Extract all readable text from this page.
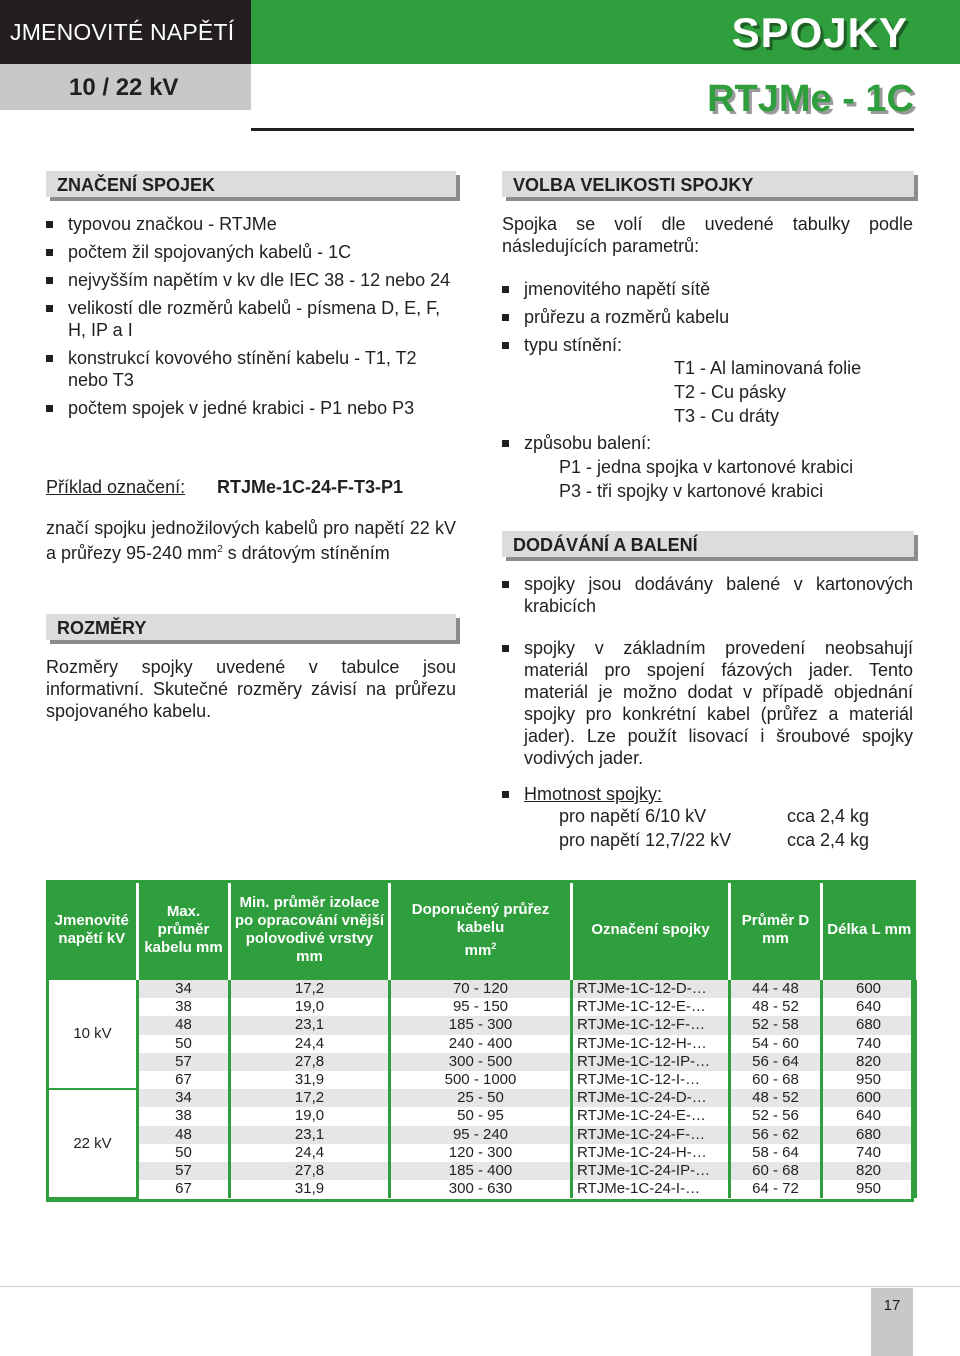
JMENOVITÉ NAPĚTÍ	SPOJKY
10 / 22 kV	RTJMe - 1C
ZNAČENÍ SPOJEK
typovou značkou - RTJMe
počtem žil spojovaných kabelů - 1C
nejvyšším napětím v kv dle IEC 38 - 12 nebo 24
velikostí dle rozměrů kabelů - písmena D, E, F, H, IP a I
konstrukcí kovového stínění kabelu - T1, T2 nebo T3
počtem spojek v jedné krabici - P1 nebo P3
Příklad označení: RTJMe-1C-24-F-T3-P1
značí spojku jednožilových kabelů pro napětí 22 kV a průřezy 95-240 $mm^2$ s drátovým stíněním
ROZMĚRY
Rozměry spojky uvedené v tabulce jsou informativní. Skutečné rozměry závisí na průřezu spojovaného kabelu.
VOLBA VELIKOSTI SPOJKY
Spojka se volí dle uvedené tabulky podle následujících parametrů:
jmenovitého napětí sítě
průřezu a rozměrů kabelu
typu stínění:
T1 - Al laminovaná folie
T2 - Cu pásky
T3 - Cu dráty
způsobu balení:
P1 - jedna spojka v kartonové krabici
P3 - tři spojky v kartonové krabici
DODÁVÁNÍ A BALENÍ
spojky jsou dodávány balené v kartonových krabicích
spojky v základním provedení neobsahují materiál pro spojení fázových jader. Tento materiál je možno dodat v případě objednání spojky pro konkrétní kabel (průřez a materiál jader). Lze použít lisovací i šroubové spojky vodivých jader.
Hmotnost spojky:
pro napětí 6/10 kV	cca 2,4 kg
pro napětí 12,7/22 kV	cca 2,4 kg
Jmenovité napětí kV	Max. průměr kabelu mm	Min. průměr izolace po opracování vnější polovodivé vrstvy mm	Doporučený průřez kabelu
$mm^2$	Označení spojky	Průměr D mm	Délka L mm
10 kV	34	17,2	70 - 120	RTJMe-1C-12-D-…	44 - 48	600
	38	19,0	95 - 150	RTJMe-1C-12-E-…	48 - 52	640
	48	23,1	185 - 300	RTJMe-1C-12-F-…	52 - 58	680
	50	24,4	240 - 400	RTJMe-1C-12-H-…	54 - 60	740
	57	27,8	300 - 500	RTJMe-1C-12-IP-…	56 - 64	820
	67	31,9	500 - 1000	RTJMe-1C-12-I-…	60 - 68	950
22 kV	34	17,2	25 - 50	RTJMe-1C-24-D-…	48 - 52	600
	38	19,0	50 - 95	RTJMe-1C-24-E-…	52 - 56	640
	48	23,1	95 - 240	RTJMe-1C-24-F-…	56 - 62	680
	50	24,4	120 - 300	RTJMe-1C-24-H-…	58 - 64	740
	57	27,8	185 - 400	RTJMe-1C-24-IP-…	60 - 68	820
	67	31,9	300 - 630	RTJMe-1C-24-I-…	64 - 72	950
17
